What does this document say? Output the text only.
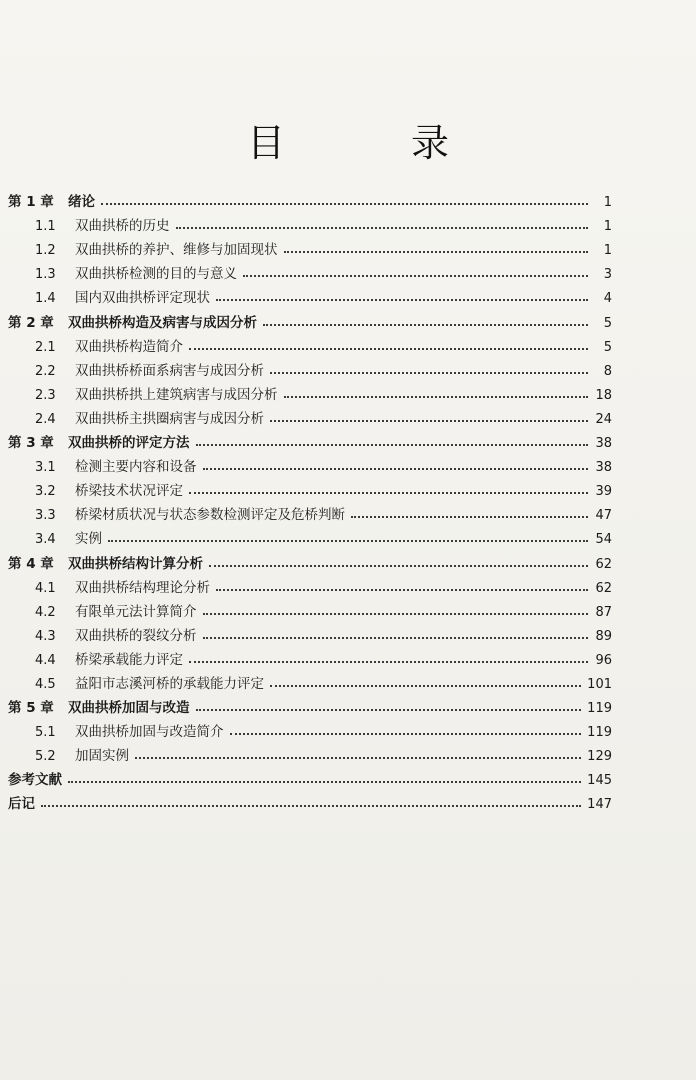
目　录
第 1 章	绪论	1
1.1	双曲拱桥的历史	1
1.2	双曲拱桥的养护、维修与加固现状	1
1.3	双曲拱桥检测的目的与意义	3
1.4	国内双曲拱桥评定现状	4
第 2 章	双曲拱桥构造及病害与成因分析	5
2.1	双曲拱桥构造简介	5
2.2	双曲拱桥桥面系病害与成因分析	8
2.3	双曲拱桥拱上建筑病害与成因分析	18
2.4	双曲拱桥主拱圈病害与成因分析	24
第 3 章	双曲拱桥的评定方法	38
3.1	检测主要内容和设备	38
3.2	桥梁技术状况评定	39
3.3	桥梁材质状况与状态参数检测评定及危桥判断	47
3.4	实例	54
第 4 章	双曲拱桥结构计算分析	62
4.1	双曲拱桥结构理论分析	62
4.2	有限单元法计算简介	87
4.3	双曲拱桥的裂纹分析	89
4.4	桥梁承载能力评定	96
4.5	益阳市志溪河桥的承载能力评定	101
第 5 章	双曲拱桥加固与改造	119
5.1	双曲拱桥加固与改造简介	119
5.2	加固实例	129
参考文献	145
后记	147
